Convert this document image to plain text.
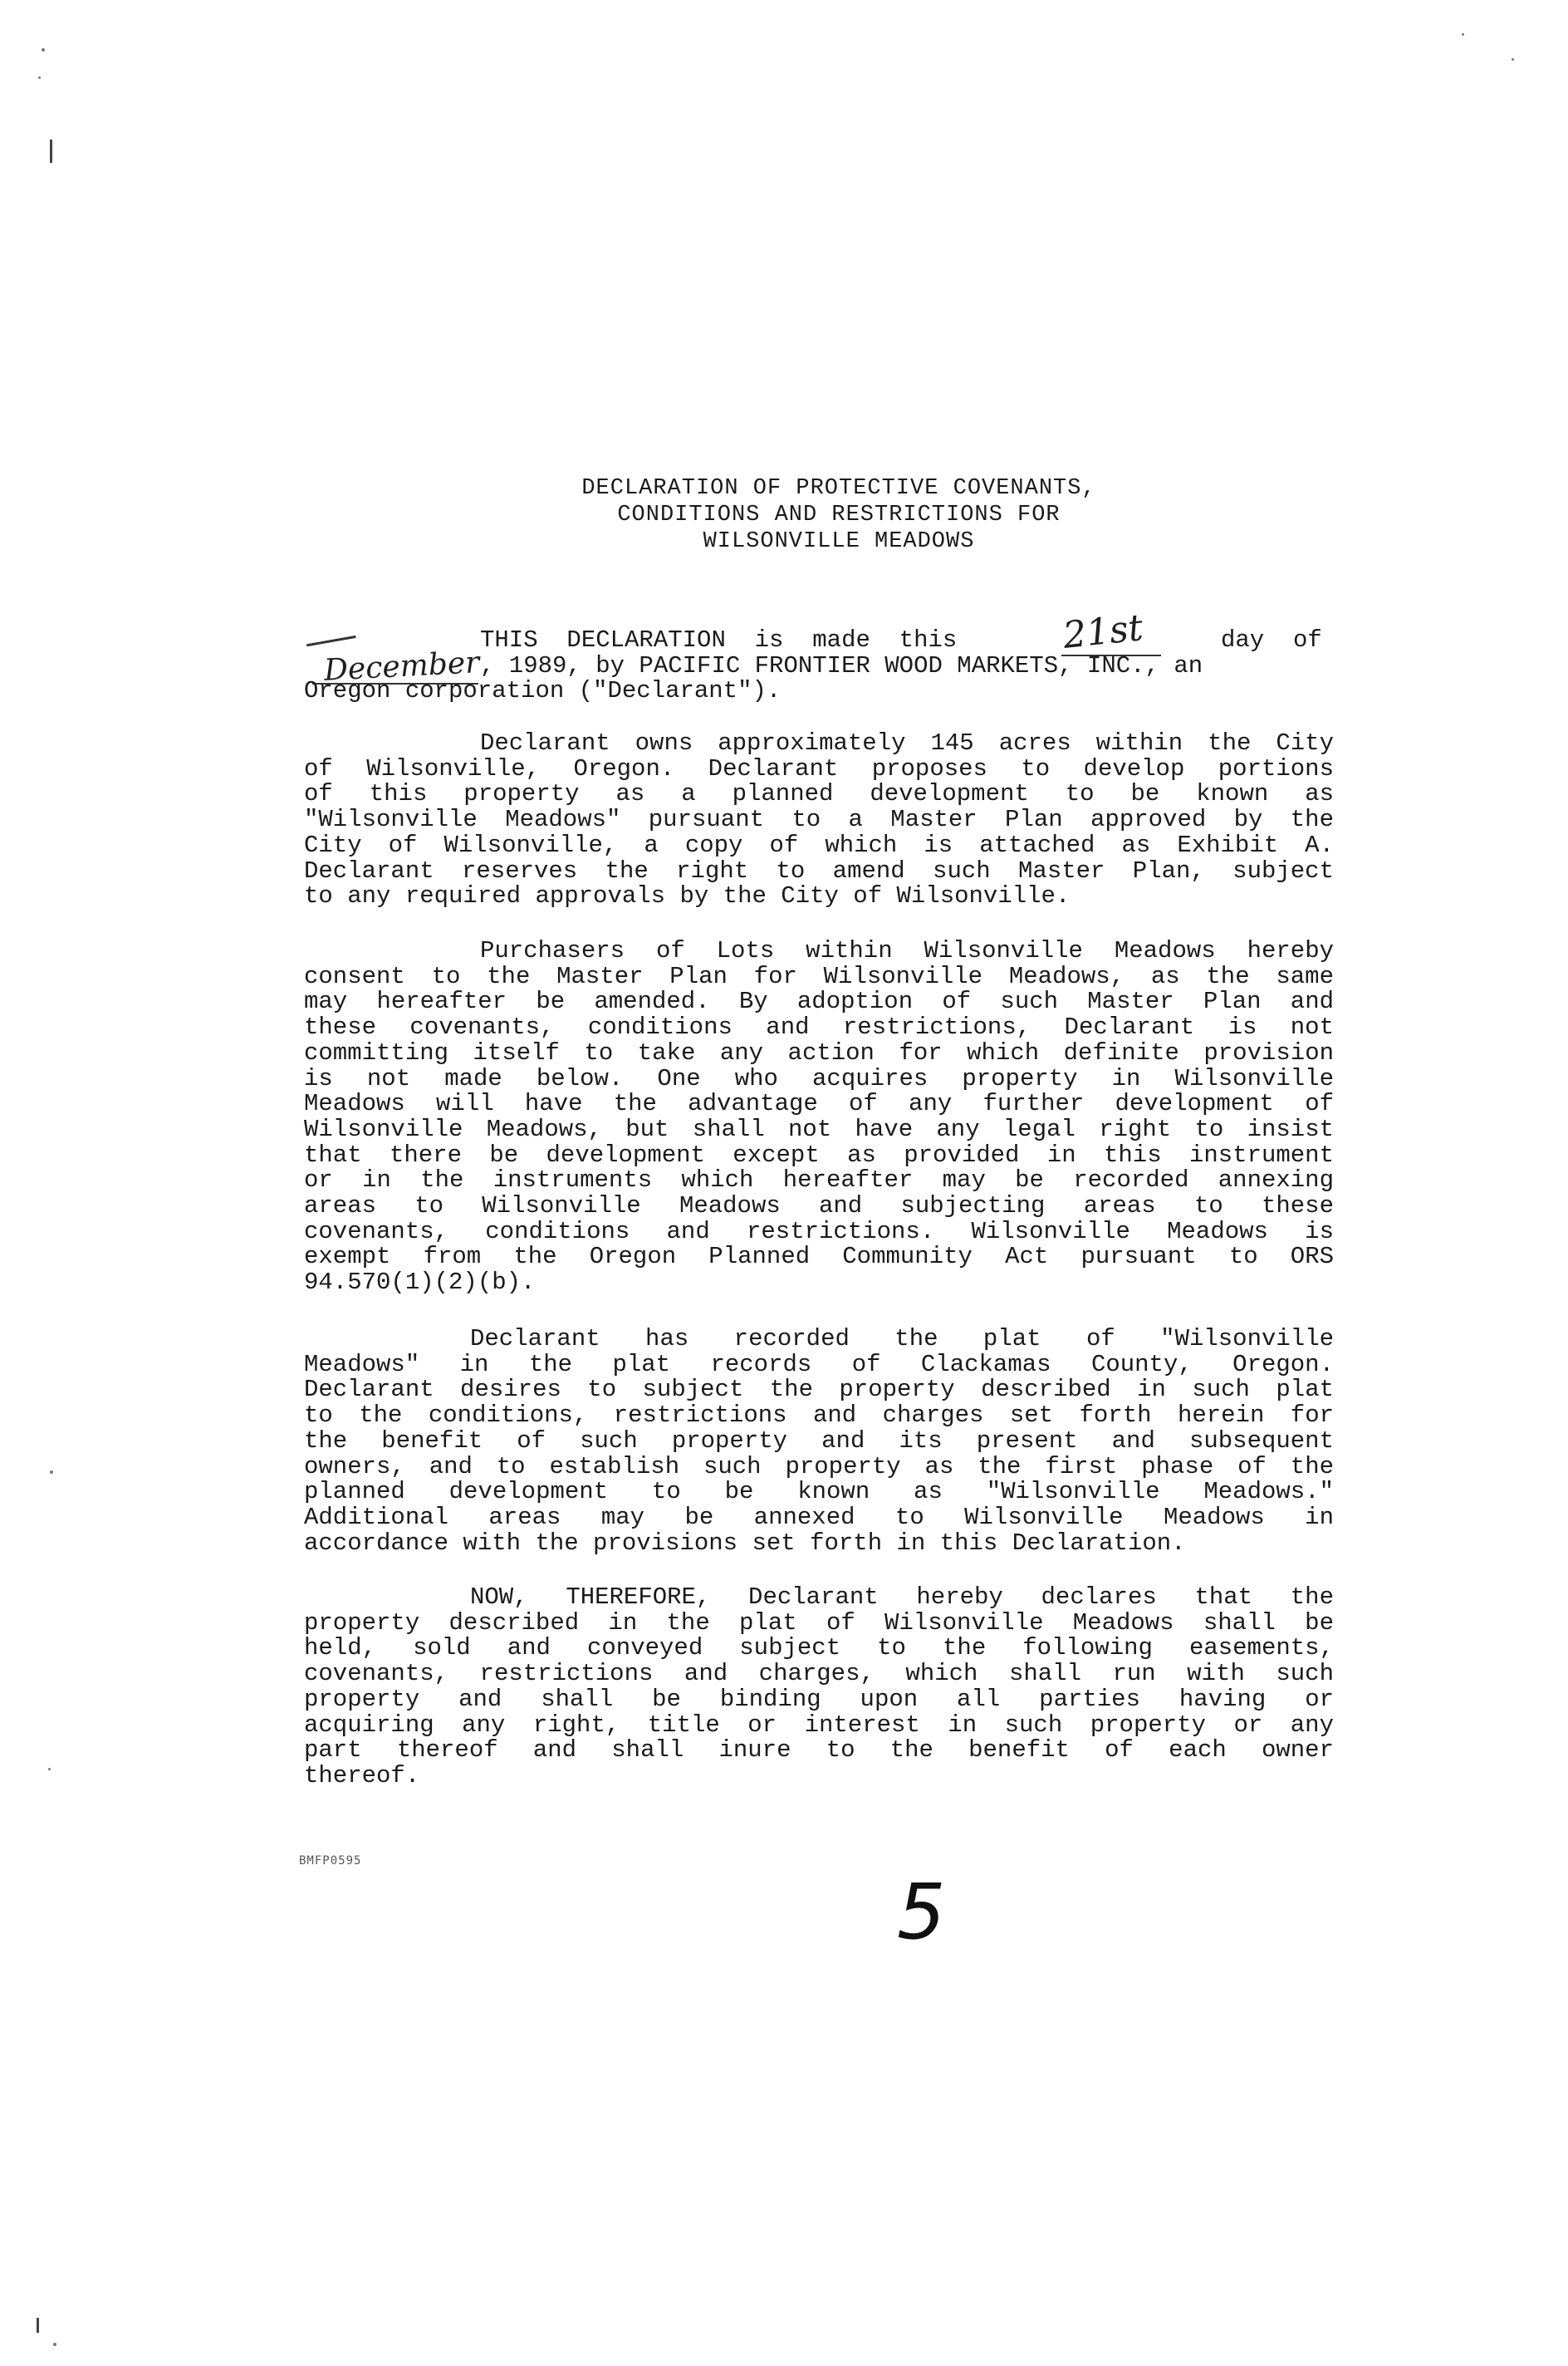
DECLARATION OF PROTECTIVE COVENANTS,
CONDITIONS AND RESTRICTIONS FOR
WILSONVILLE MEADOWS
21st
December
THIS  DECLARATION  is  made  this	day  of
, 1989, by PACIFIC FRONTIER WOOD MARKETS, INC., an
Oregon corporation ("Declarant").
Declarant owns approximately 145 acres within the City
of Wilsonville, Oregon. Declarant proposes to develop portions
of this property as a planned development to be known as
"Wilsonville Meadows" pursuant to a Master Plan approved by the
City of Wilsonville, a copy of which is attached as Exhibit A.
Declarant reserves the right to amend such Master Plan, subject
to any required approvals by the City of Wilsonville.
Purchasers of Lots within Wilsonville Meadows hereby
consent to the Master Plan for Wilsonville Meadows, as the same
may hereafter be amended. By adoption of such Master Plan and
these covenants, conditions and restrictions, Declarant is not
committing itself to take any action for which definite provision
is not made below. One who acquires property in Wilsonville
Meadows will have the advantage of any further development of
Wilsonville Meadows, but shall not have any legal right to insist
that there be development except as provided in this instrument
or in the instruments which hereafter may be recorded annexing
areas to Wilsonville Meadows and subjecting areas to these
covenants, conditions and restrictions. Wilsonville Meadows is
exempt from the Oregon Planned Community Act pursuant to ORS
94.570(1)(2)(b).
Declarant has recorded the plat of "Wilsonville
Meadows" in the plat records of Clackamas County, Oregon.
Declarant desires to subject the property described in such plat
to the conditions, restrictions and charges set forth herein for
the benefit of such property and its present and subsequent
owners, and to establish such property as the first phase of the
planned development to be known as "Wilsonville Meadows."
Additional areas may be annexed to Wilsonville Meadows in
accordance with the provisions set forth in this Declaration.
NOW, THEREFORE, Declarant hereby declares that the
property described in the plat of Wilsonville Meadows shall be
held, sold and conveyed subject to the following easements,
covenants, restrictions and charges, which shall run with such
property and shall be binding upon all parties having or
acquiring any right, title or interest in such property or any
part thereof and shall inure to the benefit of each owner
thereof.
BMFP0595
5
